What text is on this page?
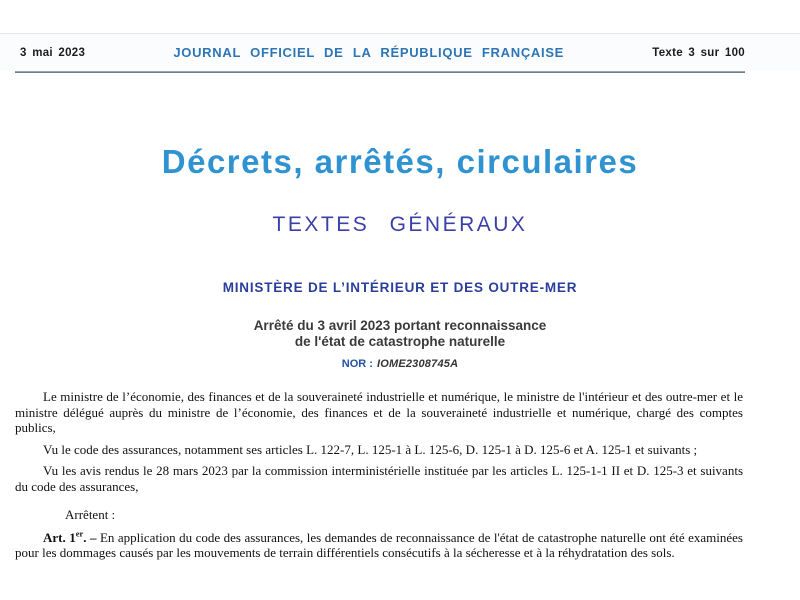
3 mai 2023	JOURNAL OFFICIEL DE LA RÉPUBLIQUE FRANÇAISE	Texte 3 sur 100
Décrets, arrêtés, circulaires
TEXTES GÉNÉRAUX
MINISTÈRE DE L’INTÉRIEUR ET DES OUTRE-MER
Arrêté du 3 avril 2023 portant reconnaissance
de l'état de catastrophe naturelle
NOR : IOME2308745A

Le ministre de l’économie, des finances et de la souveraineté industrielle et numérique, le ministre de l'intérieur et des outre-mer et le ministre délégué auprès du ministre de l’économie, des finances et de la souveraineté industrielle et numérique, chargé des comptes publics,

Vu le code des assurances, notamment ses articles L. 122-7, L. 125-1 à L. 125-6, D. 125-1 à D. 125-6 et A. 125-1 et suivants ;

Vu les avis rendus le 28 mars 2023 par la commission interministérielle instituée par les articles L. 125-1-1 II et D. 125-3 et suivants du code des assurances,

Arrêtent :

Art. 1er. – En application du code des assurances, les demandes de reconnaissance de l'état de catastrophe naturelle ont été examinées pour les dommages causés par les mouvements de terrain différentiels consécutifs à la sécheresse et à la réhydratation des sols.
